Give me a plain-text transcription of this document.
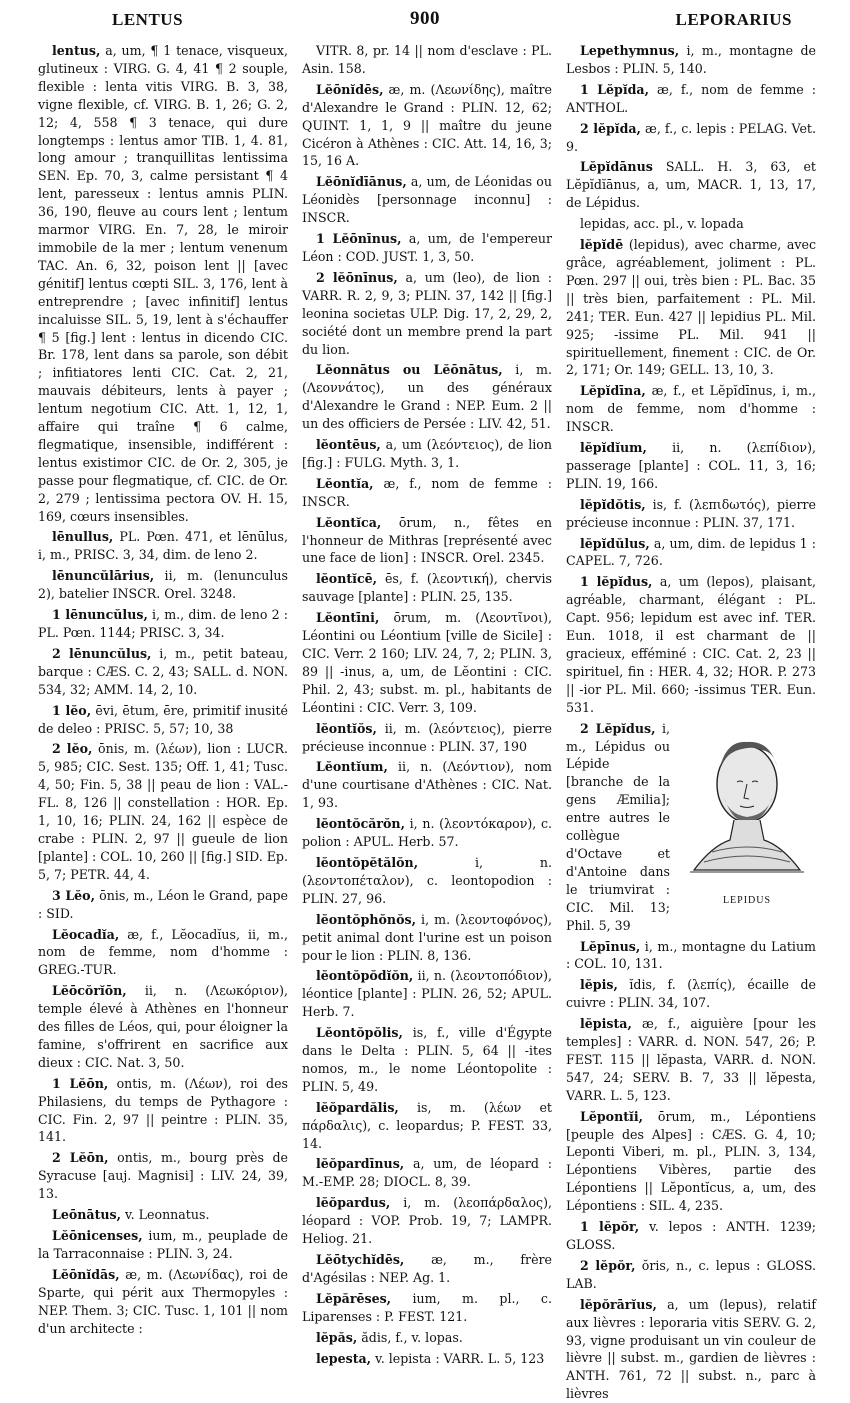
LENTUS	900	LEPORARIUS

lentus, a, um, ¶ 1 tenace, visqueux, glutineux : VIRG. G. 4, 41 ¶ 2 souple, flexible : lenta vitis VIRG. B. 3, 38, vigne flexible, cf. VIRG. B. 1, 26; G. 2, 12; 4, 558 ¶ 3 tenace, qui dure longtemps : lentus amor TIB. 1, 4. 81, long amour ; tranquillitas lentissima SEN. Ep. 70, 3, calme persistant ¶ 4 lent, paresseux : lentus amnis PLIN. 36, 190, fleuve au cours lent ; lentum marmor VIRG. En. 7, 28, le miroir immobile de la mer ; lentum venenum TAC. An. 6, 32, poison lent || [avec génitif] lentus cœpti SIL. 3, 176, lent à entreprendre ; [avec infinitif] lentus incaluisse SIL. 5, 19, lent à s'échauffer ¶ 5 [fig.] lent : lentus in dicendo CIC. Br. 178, lent dans sa parole, son débit ; infitiatores lenti CIC. Cat. 2, 21, mauvais débiteurs, lents à payer ; lentum negotium CIC. Att. 1, 12, 1, affaire qui traîne ¶ 6 calme, flegmatique, insensible, indifférent : lentus existimor CIC. de Or. 2, 305, je passe pour flegmatique, cf. CIC. de Or. 2, 279 ; lentissima pectora OV. H. 15, 169, cœurs insensibles.

lēnullus, PL. Pœn. 471, et lēnūlus, i, m., PRISC. 3, 34, dim. de leno 2.

lēnuncŭlārius, ii, m. (lenunculus 2), batelier INSCR. Orel. 3248.

1 lēnuncŭlus, i, m., dim. de leno 2 : PL. Pœn. 1144; PRISC. 3, 34.

2 lēnuncŭlus, i, m., petit bateau, barque : CÆS. C. 2, 43; SALL. d. NON. 534, 32; AMM. 14, 2, 10.

1 lĕo, ēvi, ētum, ēre, primitif inusité de deleo : PRISC. 5, 57; 10, 38

2 lĕo, ōnis, m. (λέων), lion : LUCR. 5, 985; CIC. Sest. 135; Off. 1, 41; Tusc. 4, 50; Fin. 5, 38 || peau de lion : VAL.-FL. 8, 126 || constellation : HOR. Ep. 1, 10, 16; PLIN. 24, 162 || espèce de crabe : PLIN. 2, 97 || gueule de lion [plante] : COL. 10, 260 || [fig.] SID. Ep. 5, 7; PETR. 44, 4.

3 Lĕo, ōnis, m., Léon le Grand, pape : SID.

Lĕocadĭa, æ, f., Lĕocadĭus, ii, m., nom de femme, nom d'homme : GREG.-TUR.

Lĕōcŏrĭōn, ii, n. (Λεωκόριον), temple élevé à Athènes en l'honneur des filles de Léos, qui, pour éloigner la famine, s'offrirent en sacrifice aux dieux : CIC. Nat. 3, 50.

1 Lĕōn, ontis, m. (Λέων), roi des Philasiens, du temps de Pythagore : CIC. Fin. 2, 97 || peintre : PLIN. 35, 141.

2 Lĕōn, ontis, m., bourg près de Syracuse [auj. Magnisi] : LIV. 24, 39, 13.

Leōnātus, v. Leonnatus.

Lĕōnicenses, ium, m., peuplade de la Tarraconnaise : PLIN. 3, 24.

Lĕōnĭdās, æ, m. (Λεωνίδας), roi de Sparte, qui périt aux Thermopyles : NEP. Them. 3; CIC. Tusc. 1, 101 || nom d'un architecte :

VITR. 8, pr. 14 || nom d'esclave : PL. Asin. 158.

Lĕōnĭdēs, æ, m. (Λεωνίδης), maître d'Alexandre le Grand : PLIN. 12, 62; QUINT. 1, 1, 9 || maître du jeune Cicéron à Athènes : CIC. Att. 14, 16, 3; 15, 16 A.

Lĕōnĭdīānus, a, um, de Léonidas ou Léonidès [personnage inconnu] : INSCR.

1 Lĕōnīnus, a, um, de l'empereur Léon : COD. JUST. 1, 3, 50.

2 lĕōnīnus, a, um (leo), de lion : VARR. R. 2, 9, 3; PLIN. 37, 142 || [fig.] leonina societas ULP. Dig. 17, 2, 29, 2, société dont un membre prend la part du lion.

Lĕonnātus ou Lĕōnātus, i, m. (Λεοννάτος), un des généraux d'Alexandre le Grand : NEP. Eum. 2 || un des officiers de Persée : LIV. 42, 51.

lĕontēus, a, um (λεόντειος), de lion [fig.] : FULG. Myth. 3, 1.

Lĕontĭa, æ, f., nom de femme : INSCR.

Lĕontĭca, ōrum, n., fêtes en l'honneur de Mithras [représenté avec une face de lion] : INSCR. Orel. 2345.

lĕontĭcē, ēs, f. (λεοντική), chervis sauvage [plante] : PLIN. 25, 135.

Lĕontīni, ōrum, m. (Λεοντῖνοι), Léontini ou Léontium [ville de Sicile] : CIC. Verr. 2 160; LIV. 24, 7, 2; PLIN. 3, 89 || -inus, a, um, de Lĕontini : CIC. Phil. 2, 43; subst. m. pl., habitants de Léontini : CIC. Verr. 3, 109.

lĕontĭŏs, ii, m. (λεόντειος), pierre précieuse inconnue : PLIN. 37, 190

Lĕontĭum, ii, n. (Λεόντιον), nom d'une courtisane d'Athènes : CIC. Nat. 1, 93.

lĕontŏcărŏn, i, n. (λεοντόκαρον), c. polion : APUL. Herb. 57.

lĕontŏpĕtălŏn, i, n. (λεοντοπέταλον), c. leontopodion : PLIN. 27, 96.

lĕontŏphŏnŏs, i, m. (λεοντοφόνος), petit animal dont l'urine est un poison pour le lion : PLIN. 8, 136.

lĕontŏpŏdĭŏn, ii, n. (λεοντοπόδιον), léontice [plante] : PLIN. 26, 52; APUL. Herb. 7.

Lĕontŏpŏlis, is, f., ville d'Égypte dans le Delta : PLIN. 5, 64 || -ites nomos, m., le nome Léontopolite : PLIN. 5, 49.

lĕŏpardălis, is, m. (λέων et πάρδαλις), c. leopardus; P. FEST. 33, 14.

lĕŏpardīnus, a, um, de léopard : M.-EMP. 28; DIOCL. 8, 39.

lĕŏpardus, i, m. (λεοπάρδαλος), léopard : VOP. Prob. 19, 7; LAMPR. Heliog. 21.

Lĕōtychĭdēs, æ, m., frère d'Agésilas : NEP. Ag. 1.

Lĕpărēses, ium, m. pl., c. Liparenses : P. FEST. 121.

lĕpăs, ădis, f., v. lopas.

lepesta, v. lepista : VARR. L. 5, 123

Lepethymnus, i, m., montagne de Lesbos : PLIN. 5, 140.

1 Lĕpĭda, æ, f., nom de femme : ANTHOL.

2 lĕpĭda, æ, f., c. lepis : PELAG. Vet. 9.

Lĕpĭdānus SALL. H. 3, 63, et Lĕpĭdĭānus, a, um, MACR. 1, 13, 17, de Lépidus.

lepidas, acc. pl., v. lopada

lĕpĭdē (lepidus), avec charme, avec grâce, agréablement, joliment : PL. Pœn. 297 || oui, très bien : PL. Bac. 35 || très bien, parfaitement : PL. Mil. 241; TER. Eun. 427 || lepidius PL. Mil. 925; -issime PL. Mil. 941 || spirituellement, finement : CIC. de Or. 2, 171; Or. 149; GELL. 13, 10, 3.

Lĕpĭdīna, æ, f., et Lĕpĭdīnus, i, m., nom de femme, nom d'homme : INSCR.

lĕpĭdĭum, ii, n. (λεπίδιον), passerage [plante] : COL. 11, 3, 16; PLIN. 19, 166.

lĕpĭdŏtis, is, f. (λεπιδωτός), pierre précieuse inconnue : PLIN. 37, 171.

lĕpĭdŭlus, a, um, dim. de lepidus 1 : CAPEL. 7, 726.

1 lĕpĭdus, a, um (lepos), plaisant, agréable, charmant, élégant : PL. Capt. 956; lepidum est avec inf. TER. Eun. 1018, il est charmant de || gracieux, efféminé : CIC. Cat. 2, 23 || spirituel, fin : HER. 4, 32; HOR. P. 273 || -ior PL. Mil. 660; -issimus TER. Eun. 531.

LEPIDUS

2 Lĕpĭdus, i, m., Lépidus ou Lépide [branche de la gens Æmilia]; entre autres le collègue d'Octave et d'Antoine dans le triumvirat : CIC. Mil. 13; Phil. 5, 39

Lĕpīnus, i, m., montagne du Latium : COL. 10, 131.

lĕpis, ĭdis, f. (λεπίς), écaille de cuivre : PLIN. 34, 107.

lĕpista, æ, f., aiguière [pour les temples] : VARR. d. NON. 547, 26; P. FEST. 115 || lĕpasta, VARR. d. NON. 547, 24; SERV. B. 7, 33 || lĕpesta, VARR. L. 5, 123.

Lĕpontĭi, ōrum, m., Lépontiens [peuple des Alpes] : CÆS. G. 4, 10; Leponti Viberi, m. pl., PLIN. 3, 134, Lépontiens Vibères, partie des Lépontiens || Lĕpontĭcus, a, um, des Lépontiens : SIL. 4, 235.

1 lĕpŏr, v. lepos : ANTH. 1239; GLOSS.

2 lĕpŏr, ŏris, n., c. lepus : GLOSS. LAB.

lĕpŏrārĭus, a, um (lepus), relatif aux lièvres : leporaria vitis SERV. G. 2, 93, vigne produisant un vin couleur de lièvre || subst. m., gardien de lièvres : ANTH. 761, 72 || subst. n., parc à lièvres
